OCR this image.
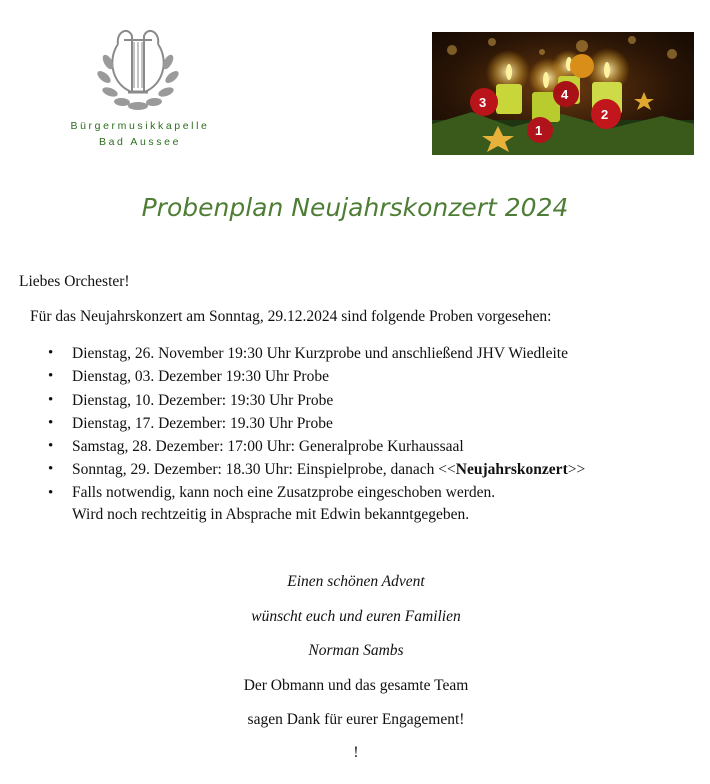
Bürgermusikkapelle
Bad Aussee
3
4
2
1
Probenplan Neujahrskonzert 2024
Liebes Orchester!
Für das Neujahrskonzert am Sonntag, 29.12.2024 sind folgende Proben vorgesehen:
• Dienstag, 26. November 19:30 Uhr Kurzprobe und anschließend JHV Wiedleite
• Dienstag, 03. Dezember 19:30 Uhr Probe
• Dienstag, 10. Dezember: 19:30 Uhr Probe
• Dienstag, 17. Dezember: 19.30 Uhr Probe
• Samstag, 28. Dezember: 17:00 Uhr: Generalprobe Kurhaussaal
• Sonntag, 29. Dezember: 18.30 Uhr: Einspielprobe, danach <<Neujahrskonzert>>
• Falls notwendig, kann noch eine Zusatzprobe eingeschoben werden.
Wird noch rechtzeitig in Absprache mit Edwin bekanntgegeben.
Einen schönen Advent
wünscht euch und euren Familien
Norman Sambs
Der Obmann und das gesamte Team
sagen Dank für eurer Engagement!
!
